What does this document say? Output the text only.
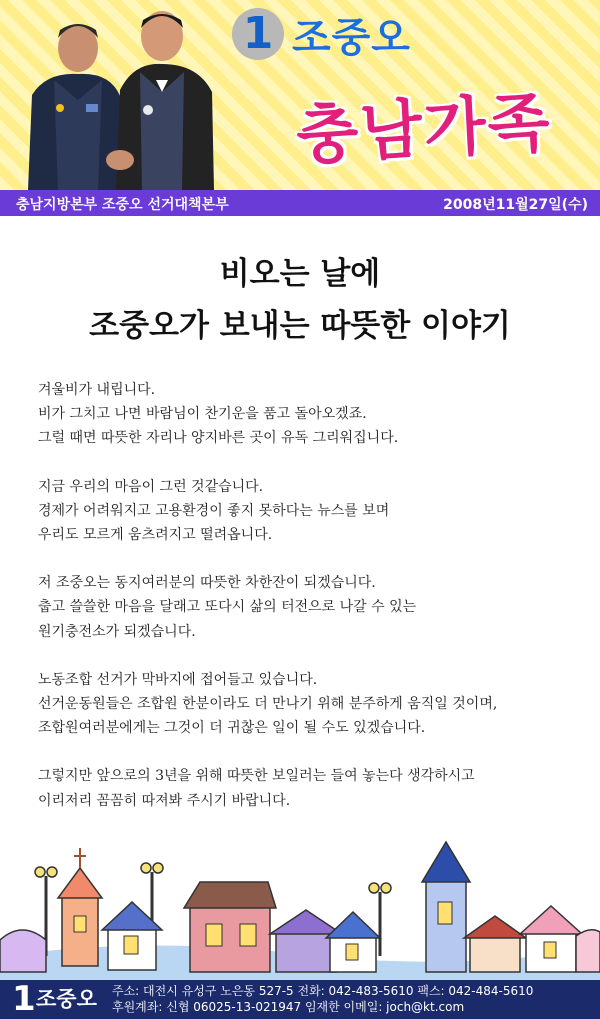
1 조중오
충남가족
충남지방본부 조중오 선거대책본부	2008년11월27일(수)
비오는 날에
조중오가 보내는 따뜻한 이야기

겨울비가 내립니다.
비가 그치고 나면 바람님이 찬기운을 품고 돌아오겠죠.
그럴 때면 따뜻한 자리나 양지바른 곳이 유독 그리워집니다.

지금 우리의 마음이 그런 것같습니다.
경제가 어려워지고 고용환경이 좋지 못하다는 뉴스를 보며
우리도 모르게 움츠려지고 떨려옵니다.

저 조중오는 동지여러분의 따뜻한 차한잔이 되겠습니다.
춥고 쓸쓸한 마음을 달래고 또다시 삶의 터전으로 나갈 수 있는
원기충전소가 되겠습니다.

노동조합 선거가 막바지에 접어들고 있습니다.
선거운동원들은 조합원 한분이라도 더 만나기 위해 분주하게 움직일 것이며,
조합원여러분에게는 그것이 더 귀찮은 일이 될 수도 있겠습니다.

그렇지만 앞으로의 3년을 위해 따뜻한 보일러는 들여 놓는다 생각하시고
이리저리 꼼꼼히 따져봐 주시기 바랍니다.

1 조중오 주소: 대전시 유성구 노은동 527-5 전화: 042-483-5610 팩스: 042-484-5610
후원계좌: 신협 06025-13-021947 임재한 이메일: joch@kt.com
